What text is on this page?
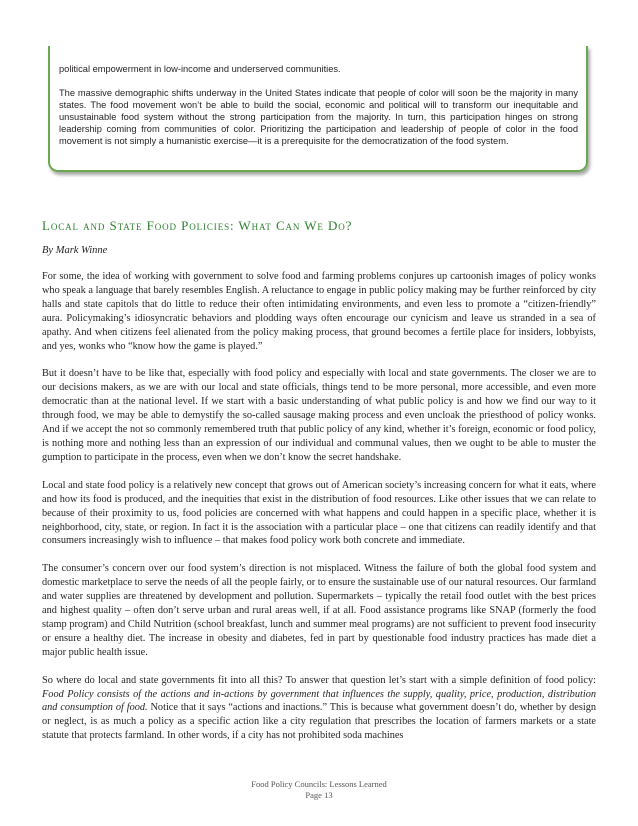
political empowerment in low-income and underserved communities.

The massive demographic shifts underway in the United States indicate that people of color will soon be the majority in many states. The food movement won’t be able to build the social, economic and political will to transform our inequitable and unsustainable food system without the strong participation from the majority. In turn, this participation hinges on strong leadership coming from communities of color. Prioritizing the participation and leadership of people of color in the food movement is not simply a humanistic exercise—it is a prerequisite for the democratization of the food system.

Local and State Food Policies: What Can We Do?

By Mark Winne

For some, the idea of working with government to solve food and farming problems conjures up cartoonish images of policy wonks who speak a language that barely resembles English. A reluctance to engage in public policy making may be further reinforced by city halls and state capitols that do little to reduce their often intimidating environments, and even less to promote a “citizen-friendly” aura. Policymaking’s idiosyncratic behaviors and plodding ways often encourage our cynicism and leave us stranded in a sea of apathy. And when citizens feel alienated from the policy making process, that ground becomes a fertile place for insiders, lobbyists, and yes, wonks who “know how the game is played.”

But it doesn’t have to be like that, especially with food policy and especially with local and state governments. The closer we are to our decisions makers, as we are with our local and state officials, things tend to be more personal, more accessible, and even more democratic than at the national level. If we start with a basic understanding of what public policy is and how we find our way to it through food, we may be able to demystify the so-called sausage making process and even uncloak the priesthood of policy wonks. And if we accept the not so commonly remembered truth that public policy of any kind, whether it’s foreign, economic or food policy, is nothing more and nothing less than an expression of our individual and communal values, then we ought to be able to muster the gumption to participate in the process, even when we don’t know the secret handshake.

Local and state food policy is a relatively new concept that grows out of American society’s increasing concern for what it eats, where and how its food is produced, and the inequities that exist in the distribution of food resources. Like other issues that we can relate to because of their proximity to us, food policies are concerned with what happens and could happen in a specific place, whether it is neighborhood, city, state, or region. In fact it is the association with a particular place – one that citizens can readily identify and that consumers increasingly wish to influence – that makes food policy work both concrete and immediate.

The consumer’s concern over our food system’s direction is not misplaced. Witness the failure of both the global food system and domestic marketplace to serve the needs of all the people fairly, or to ensure the sustainable use of our natural resources. Our farmland and water supplies are threatened by development and pollution. Supermarkets – typically the retail food outlet with the best prices and highest quality – often don’t serve urban and rural areas well, if at all. Food assistance programs like SNAP (formerly the food stamp program) and Child Nutrition (school breakfast, lunch and summer meal programs) are not sufficient to prevent food insecurity or ensure a healthy diet. The increase in obesity and diabetes, fed in part by questionable food industry practices has made diet a major public health issue.

So where do local and state governments fit into all this? To answer that question let’s start with a simple definition of food policy: Food Policy consists of the actions and in-actions by government that influences the supply, quality, price, production, distribution and consumption of food. Notice that it says “actions and inactions.” This is because what government doesn’t do, whether by design or neglect, is as much a policy as a specific action like a city regulation that prescribes the location of farmers markets or a state statute that protects farmland. In other words, if a city has not prohibited soda machines

Food Policy Councils: Lessons Learned
Page 13
